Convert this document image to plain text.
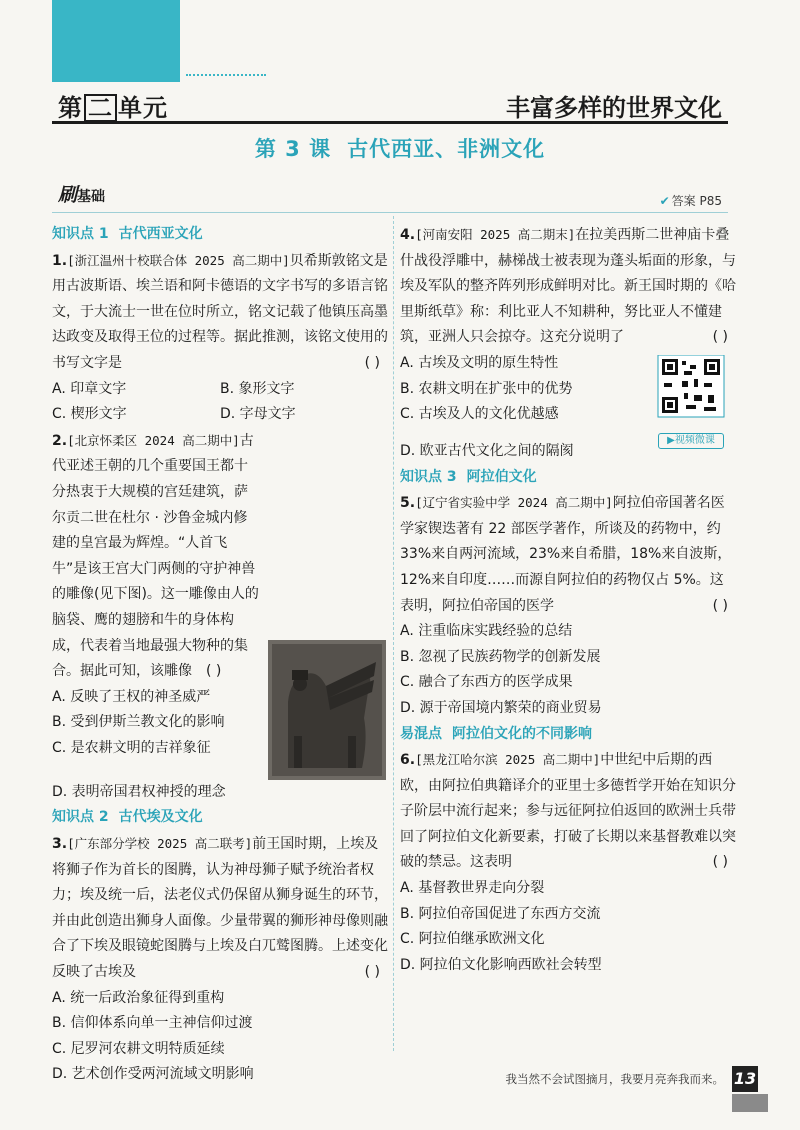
第 二 单元	丰富多样的世界文化
第 3 课 古代西亚、非洲文化
刷基础	✔ 答案 P85
知识点 1 古代西亚文化
1.[浙江温州十校联合体 2025 高二期中]贝希斯敦铭文是用古波斯语、埃兰语和阿卡德语的文字书写的多语言铭文，于大流士一世在位时所立，铭文记载了他镇压高墨达政变及取得王位的过程等。据此推测，该铭文使用的书写文字是	( )
A. 印章文字	B. 象形文字
C. 楔形文字	D. 字母文字
2.[北京怀柔区 2024 高二期中]古代亚述王朝的几个重要国王都十分热衷于大规模的宫廷建筑，萨尔贡二世在杜尔 · 沙鲁金城内修建的皇宫最为辉煌。“人首飞牛”是该王宫大门两侧的守护神兽的雕像(见下图)。这一雕像由人的脑袋、鹰的翅膀和牛的身体构成，代表着当地最强大物种的集合。据此可知，该雕像 ( )
A. 反映了王权的神圣威严
B. 受到伊斯兰教文化的影响
C. 是农耕文明的吉祥象征
D. 表明帝国君权神授的理念
知识点 2 古代埃及文化
3.[广东部分学校 2025 高二联考]前王国时期，上埃及将狮子作为首长的图腾，认为神母狮子赋予统治者权力；埃及统一后，法老仪式仍保留从狮身诞生的环节，并由此创造出狮身人面像。少量带翼的狮形神母像则融合了下埃及眼镜蛇图腾与上埃及白兀鹫图腾。上述变化反映了古埃及	( )
A. 统一后政治象征得到重构
B. 信仰体系向单一主神信仰过渡
C. 尼罗河农耕文明特质延续
D. 艺术创作受两河流域文明影响
4.[河南安阳 2025 高二期末]在拉美西斯二世神庙卡叠什战役浮雕中，赫梯战士被表现为蓬头垢面的形象，与埃及军队的整齐阵列形成鲜明对比。新王国时期的《哈里斯纸草》称：利比亚人不知耕种，努比亚人不懂建筑，亚洲人只会掠夺。这充分说明了	( )
▶视频微课
A. 古埃及文明的原生特性
B. 农耕文明在扩张中的优势
C. 古埃及人的文化优越感
D. 欧亚古代文化之间的隔阂
知识点 3 阿拉伯文化
5.[辽宁省实验中学 2024 高二期中]阿拉伯帝国著名医学家锲迭著有 22 部医学著作，所谈及的药物中，约 33%来自两河流域，23%来自希腊，18%来自波斯，12%来自印度……而源自阿拉伯的药物仅占 5%。这表明，阿拉伯帝国的医学	( )
A. 注重临床实践经验的总结
B. 忽视了民族药物学的创新发展
C. 融合了东西方的医学成果
D. 源于帝国境内繁荣的商业贸易
易混点 阿拉伯文化的不同影响
6.[黑龙江哈尔滨 2025 高二期中]中世纪中后期的西欧，由阿拉伯典籍译介的亚里士多德哲学开始在知识分子阶层中流行起来；参与远征阿拉伯返回的欧洲士兵带回了阿拉伯文化新要素，打破了长期以来基督教难以突破的禁忌。这表明	( )
A. 基督教世界走向分裂
B. 阿拉伯帝国促进了东西方交流
C. 阿拉伯继承欧洲文化
D. 阿拉伯文化影响西欧社会转型
我当然不会试图摘月，我要月亮奔我而来。 13
